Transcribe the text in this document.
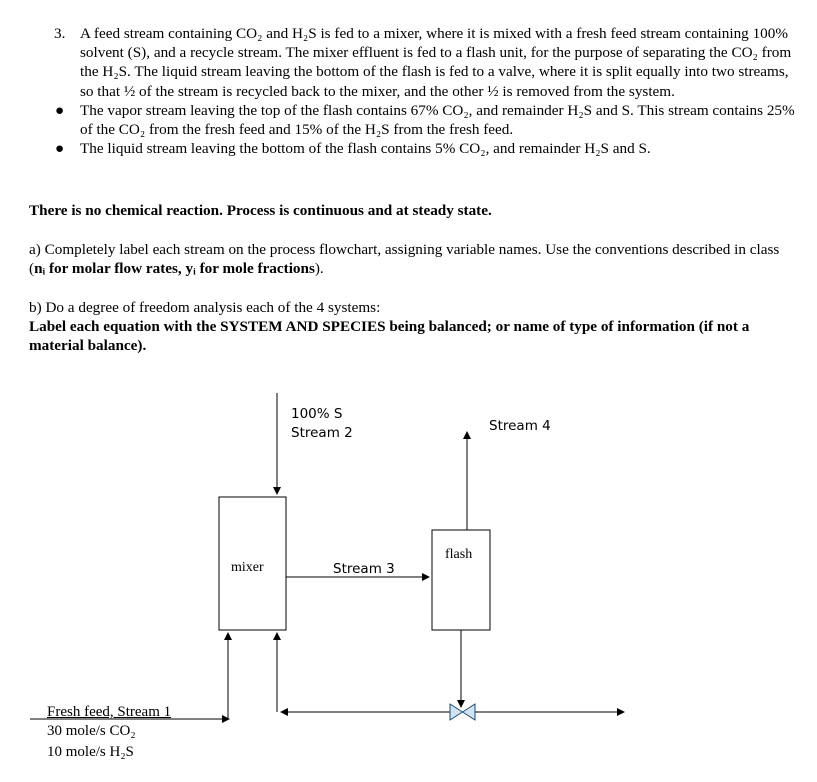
3. A feed stream containing CO₂ and H₂S is fed to a mixer, where it is mixed with a fresh feed stream containing 100% solvent (S), and a recycle stream. The mixer effluent is fed to a flash unit, for the purpose of separating the CO₂ from the H₂S. The liquid stream leaving the bottom of the flash is fed to a valve, where it is split equally into two streams, so that ½ of the stream is recycled back to the mixer, and the other ½ is removed from the system.
●	The vapor stream leaving the top of the flash contains 67% CO₂, and remainder H₂S and S. This stream contains 25% of the CO₂ from the fresh feed and 15% of the H₂S from the fresh feed.
●	The liquid stream leaving the bottom of the flash contains 5% CO₂, and remainder H₂S and S.
There is no chemical reaction. Process is continuous and at steady state.
a) Completely label each stream on the process flowchart, assigning variable names. Use the conventions described in class (nᵢ for molar flow rates, yᵢ for mole fractions).
b) Do a degree of freedom analysis each of the 4 systems:
Label each equation with the SYSTEM AND SPECIES being balanced; or name of type of information (if not a material balance).
100% S
Stream 2	Stream 4
mixer
flash
Stream 3
Fresh feed, Stream 1
30 mole/s CO₂
10 mole/s H₂S
